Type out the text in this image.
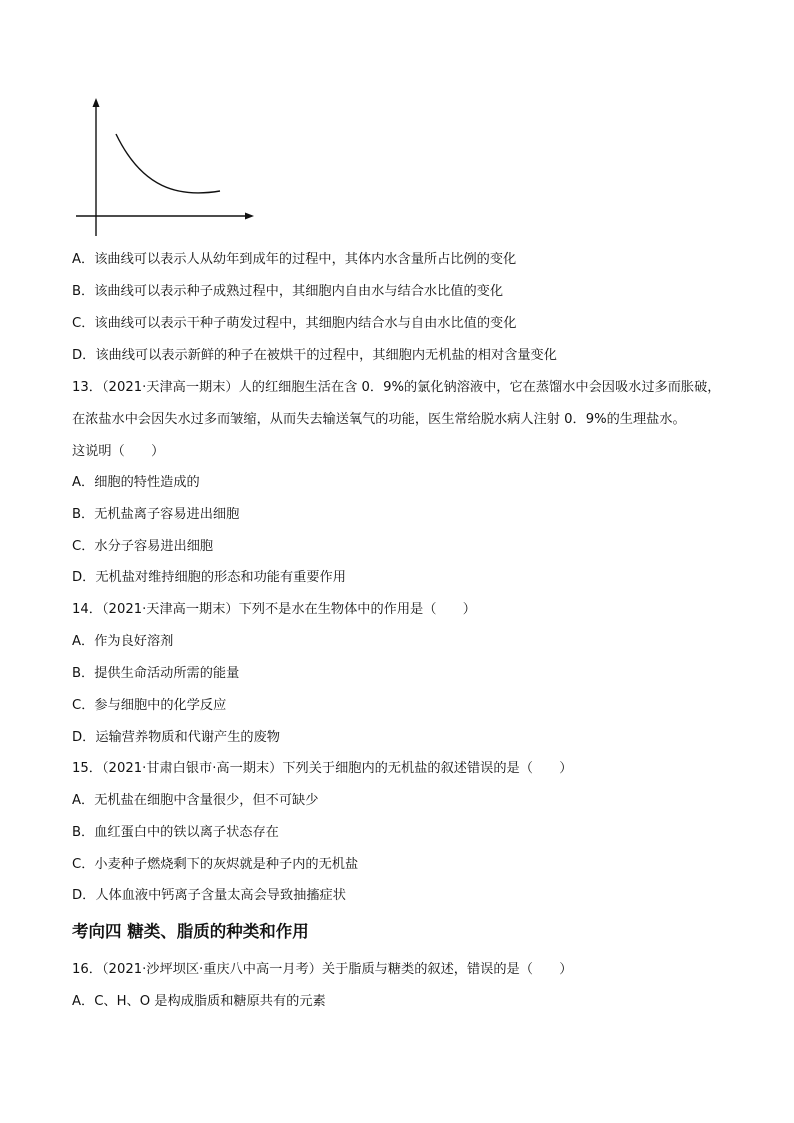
A．该曲线可以表示人从幼年到成年的过程中，其体内水含量所占比例的变化
B．该曲线可以表示种子成熟过程中，其细胞内自由水与结合水比值的变化
C．该曲线可以表示干种子萌发过程中，其细胞内结合水与自由水比值的变化
D．该曲线可以表示新鲜的种子在被烘干的过程中，其细胞内无机盐的相对含量变化
13．（2021·天津高一期末）人的红细胞生活在含 0．9%的氯化钠溶液中，它在蒸馏水中会因吸水过多而胀破，
在浓盐水中会因失水过多而皱缩，从而失去输送氧气的功能，医生常给脱水病人注射 0．9%的生理盐水。
这说明（　　）
A．细胞的特性造成的
B．无机盐离子容易进出细胞
C．水分子容易进出细胞
D．无机盐对维持细胞的形态和功能有重要作用
14．（2021·天津高一期末）下列不是水在生物体中的作用是（　　）
A．作为良好溶剂
B．提供生命活动所需的能量
C．参与细胞中的化学反应
D．运输营养物质和代谢产生的废物
15．（2021·甘肃白银市·高一期末）下列关于细胞内的无机盐的叙述错误的是（　　）
A．无机盐在细胞中含量很少，但不可缺少
B．血红蛋白中的铁以离子状态存在
C．小麦种子燃烧剩下的灰烬就是种子内的无机盐
D．人体血液中钙离子含量太高会导致抽搐症状
考向四 糖类、脂质的种类和作用
16．（2021·沙坪坝区·重庆八中高一月考）关于脂质与糖类的叙述，错误的是（　　）
A．C、H、O 是构成脂质和糖原共有的元素
